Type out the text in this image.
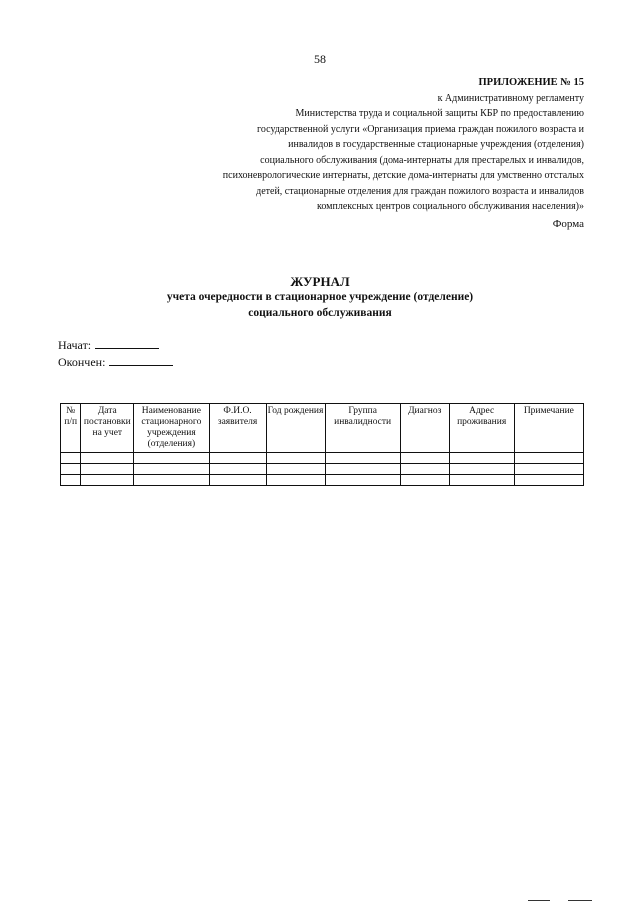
58
ПРИЛОЖЕНИЕ № 15
к Административному регламенту
Министерства труда и социальной защиты КБР по предоставлению
государственной услуги «Организация приема граждан пожилого возраста и
инвалидов в государственные стационарные учреждения (отделения)
социального обслуживания (дома-интернаты для престарелых и инвалидов,
психоневрологические интернаты, детские дома-интернаты для умственно отсталых
детей, стационарные отделения для граждан пожилого возраста и инвалидов
комплексных центров социального обслуживания населения)»
Форма
ЖУРНАЛ
учета очередности в стационарное учреждение (отделение)
социального обслуживания
Начат:
Окончен:
№ п/п	Дата постановки на учет	Наименование стационарного учреждения (отделения)	Ф.И.О. заявителя	Год рождения	Группа инвалидности	Диагноз	Адрес проживания	Примечание
